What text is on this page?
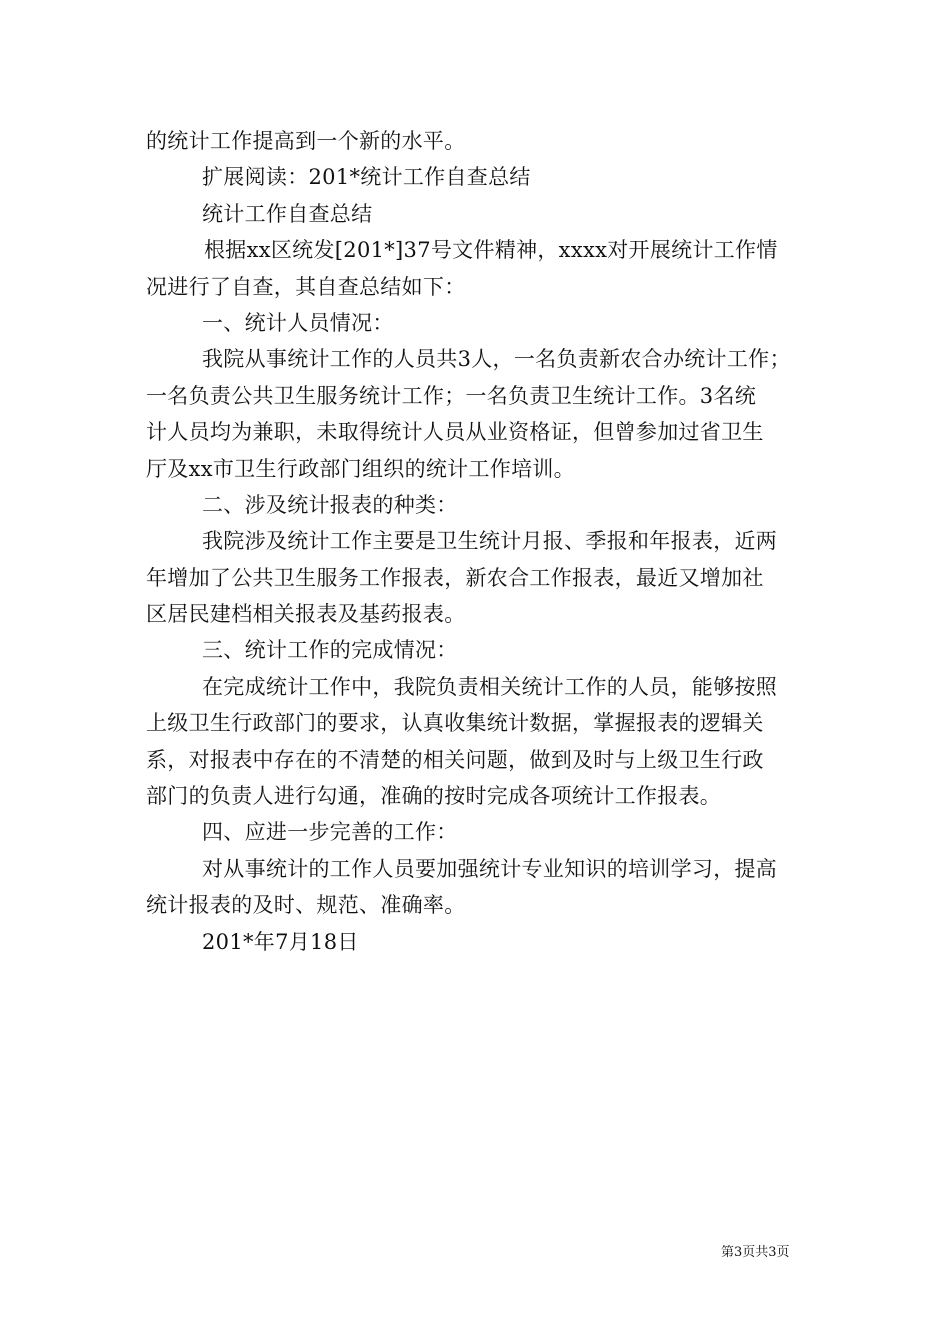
的统计工作提高到一个新的水平。
扩展阅读：201*统计工作自查总结
统计工作自查总结
根据xx区统发[201*]37号文件精神，xxxx对开展统计工作情
况进行了自查，其自查总结如下：
一、统计人员情况：
我院从事统计工作的人员共3人，一名负责新农合办统计工作；
一名负责公共卫生服务统计工作；一名负责卫生统计工作。3名统
计人员均为兼职，未取得统计人员从业资格证，但曾参加过省卫生
厅及xx市卫生行政部门组织的统计工作培训。
二、涉及统计报表的种类：
我院涉及统计工作主要是卫生统计月报、季报和年报表，近两
年增加了公共卫生服务工作报表，新农合工作报表，最近又增加社
区居民建档相关报表及基药报表。
三、统计工作的完成情况：
在完成统计工作中，我院负责相关统计工作的人员，能够按照
上级卫生行政部门的要求，认真收集统计数据，掌握报表的逻辑关
系，对报表中存在的不清楚的相关问题，做到及时与上级卫生行政
部门的负责人进行勾通，准确的按时完成各项统计工作报表。
四、应进一步完善的工作：
对从事统计的工作人员要加强统计专业知识的培训学习，提高
统计报表的及时、规范、准确率。
201*年7月18日
第3页共3页
